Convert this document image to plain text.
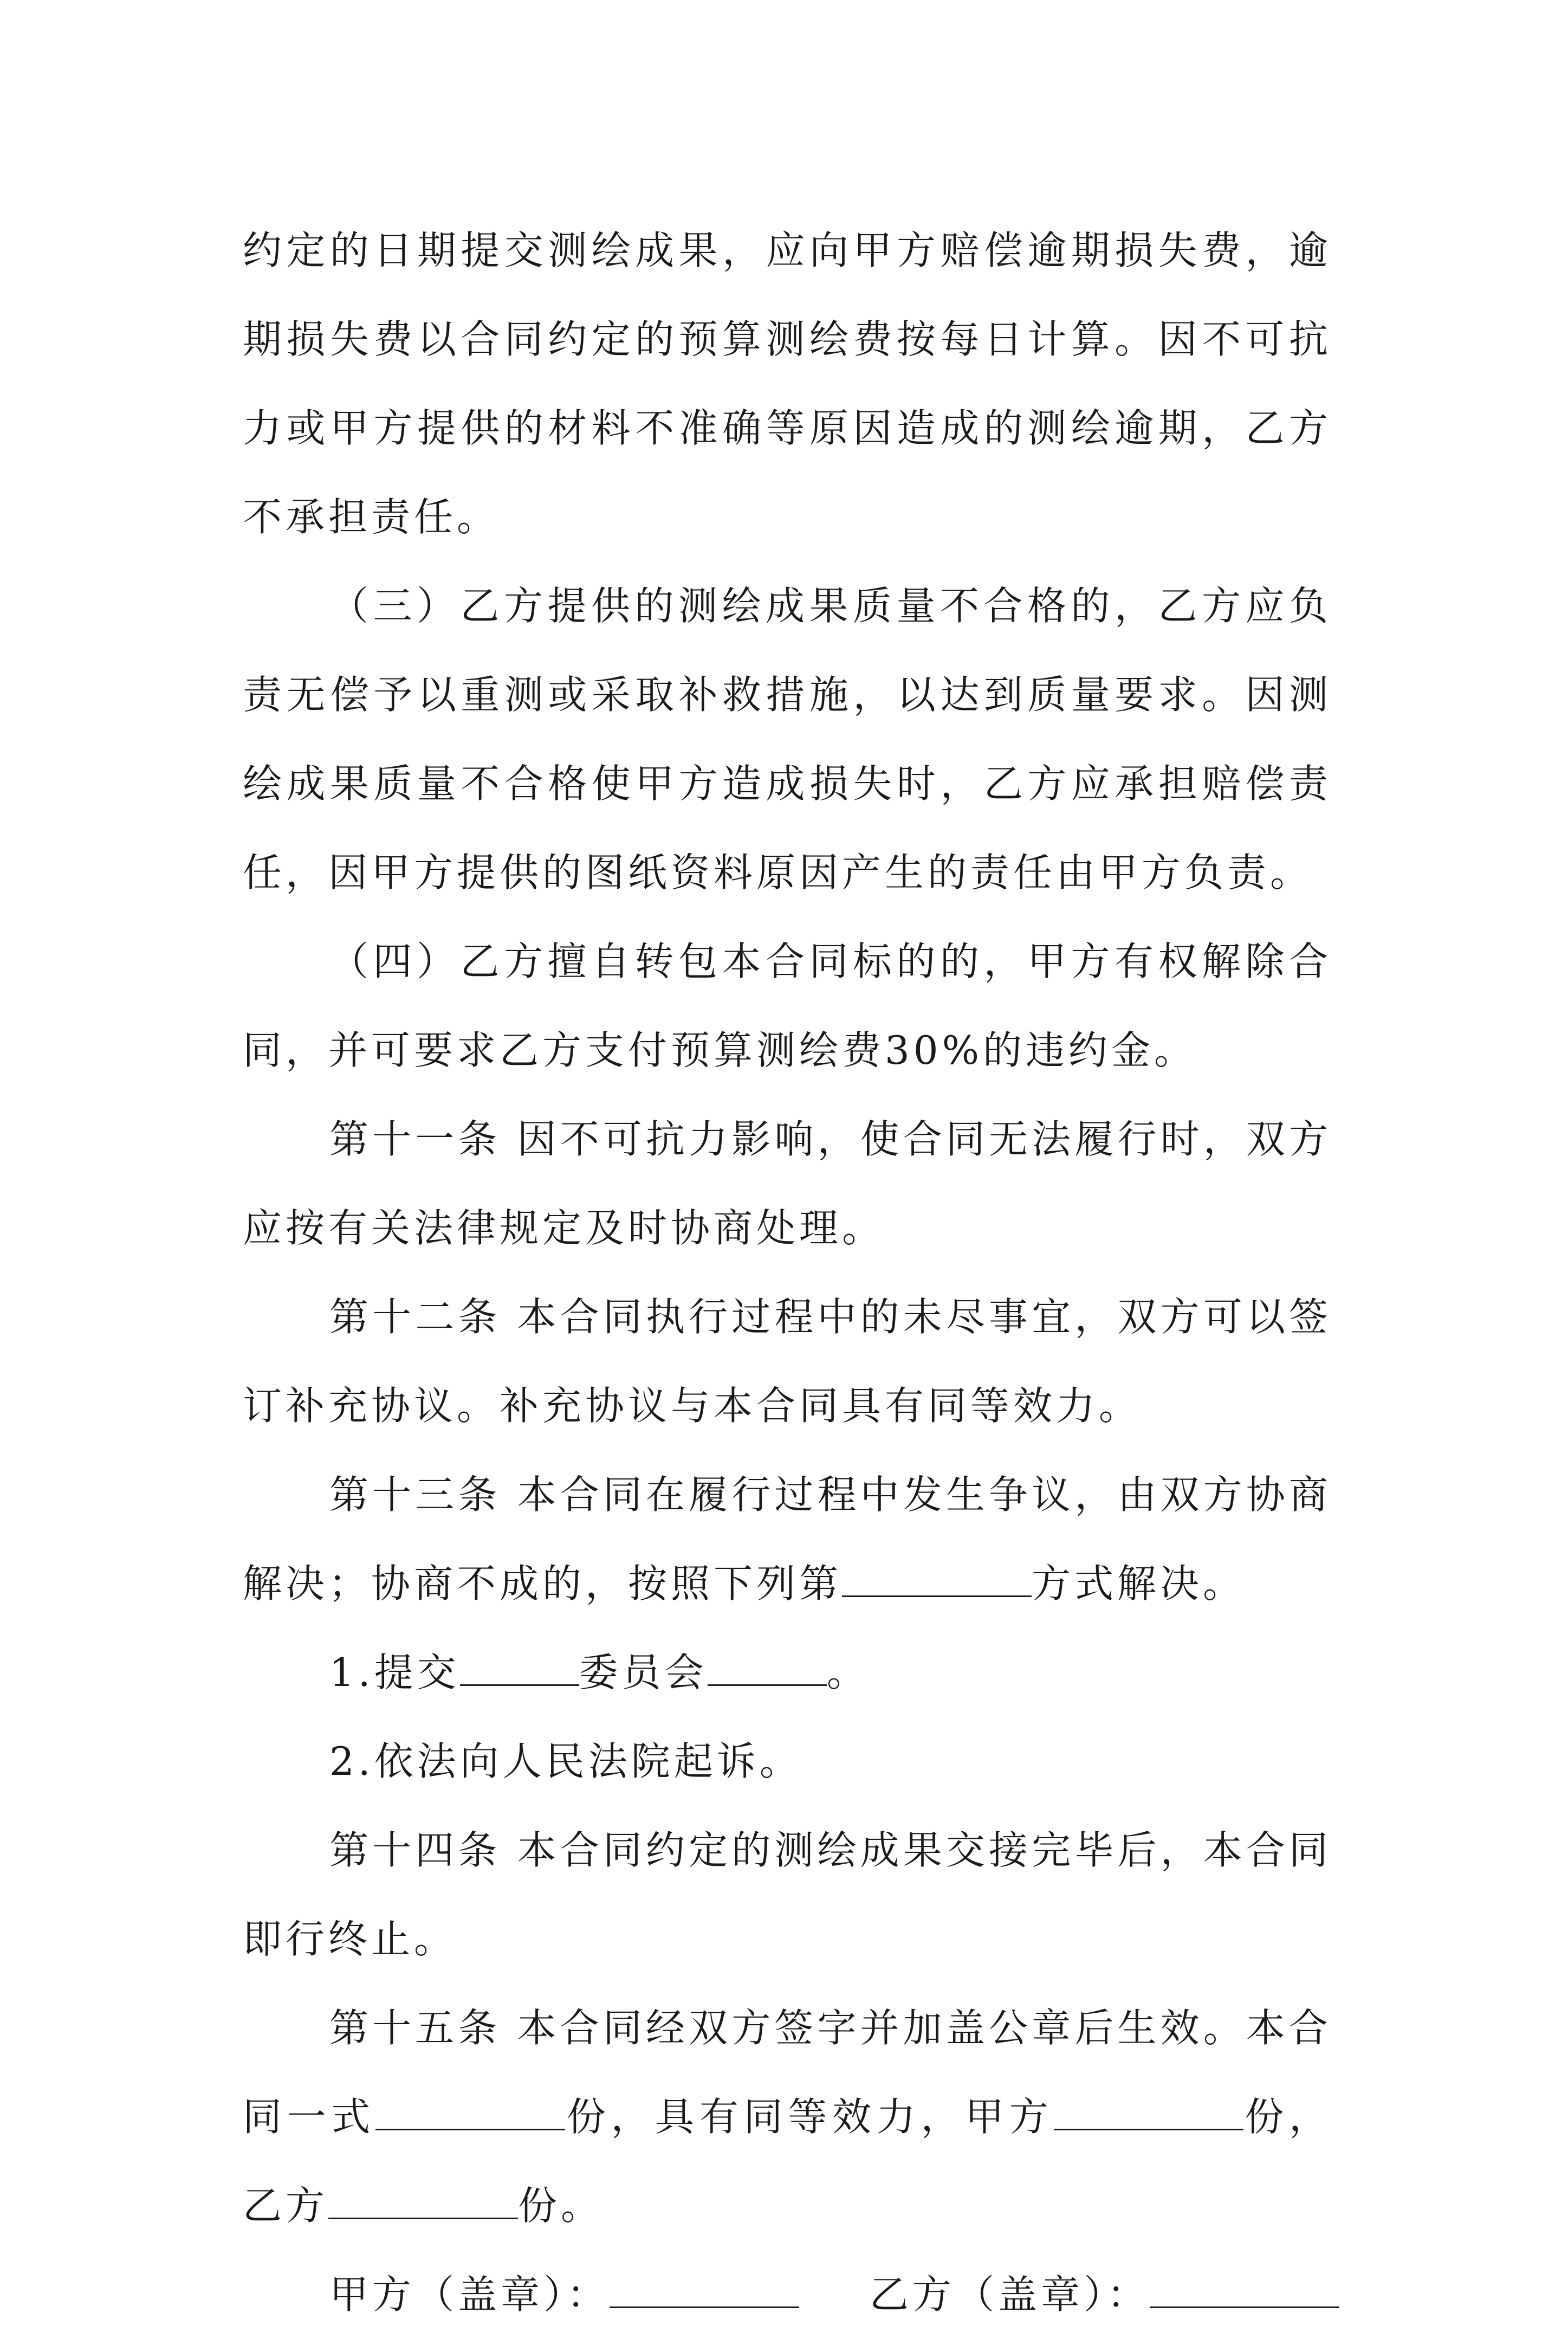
约定的日期提交测绘成果，应向甲方赔偿逾期损失费，逾期损失费以合同约定的预算测绘费按每日计算。因不可抗力或甲方提供的材料不准确等原因造成的测绘逾期，乙方不承担责任。

（三）乙方提供的测绘成果质量不合格的，乙方应负责无偿予以重测或采取补救措施，以达到质量要求。因测绘成果质量不合格使甲方造成损失时，乙方应承担赔偿责任，因甲方提供的图纸资料原因产生的责任由甲方负责。

（四）乙方擅自转包本合同标的的，甲方有权解除合同，并可要求乙方支付预算测绘费30%的违约金。

第十一条 因不可抗力影响，使合同无法履行时，双方应按有关法律规定及时协商处理。

第十二条 本合同执行过程中的未尽事宜，双方可以签订补充协议。补充协议与本合同具有同等效力。

第十三条 本合同在履行过程中发生争议，由双方协商解决；协商不成的，按照下列第	方式解决。

1.提交	委员会	。

2.依法向人民法院起诉。

第十四条 本合同约定的测绘成果交接完毕后，本合同即行终止。

第十五条 本合同经双方签字并加盖公章后生效。本合同一式	份，具有同等效力，甲方	份，乙方	份。

甲方（盖章）：	乙方（盖章）：
